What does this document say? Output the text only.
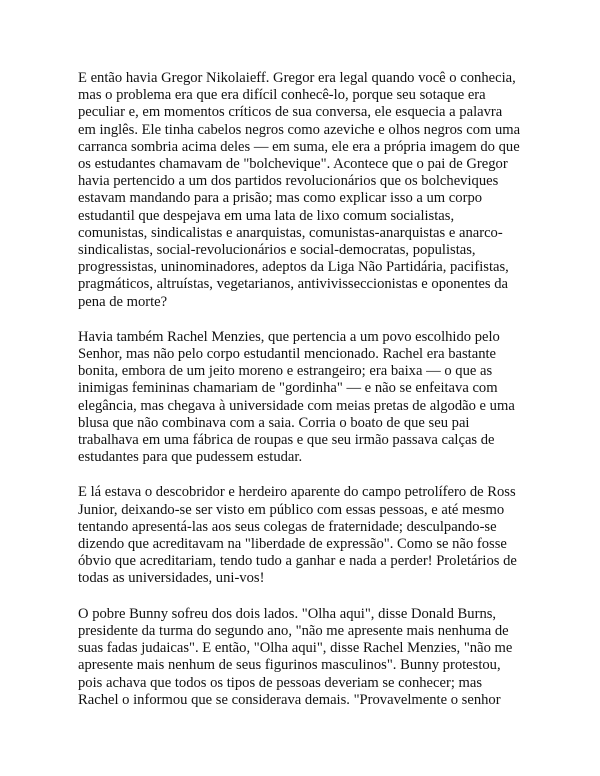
E então havia Gregor Nikolaieff. Gregor era legal quando você o conhecia,
mas o problema era que era difícil conhecê-lo, porque seu sotaque era
peculiar e, em momentos críticos de sua conversa, ele esquecia a palavra
em inglês. Ele tinha cabelos negros como azeviche e olhos negros com uma
carranca sombria acima deles — em suma, ele era a própria imagem do que
os estudantes chamavam de "bolchevique". Acontece que o pai de Gregor
havia pertencido a um dos partidos revolucionários que os bolcheviques
estavam mandando para a prisão; mas como explicar isso a um corpo
estudantil que despejava em uma lata de lixo comum socialistas,
comunistas, sindicalistas e anarquistas, comunistas-anarquistas e anarco-
sindicalistas, social-revolucionários e social-democratas, populistas,
progressistas, uninominadores, adeptos da Liga Não Partidária, pacifistas,
pragmáticos, altruístas, vegetarianos, antivivisseccionistas e oponentes da
pena de morte?

Havia também Rachel Menzies, que pertencia a um povo escolhido pelo
Senhor, mas não pelo corpo estudantil mencionado. Rachel era bastante
bonita, embora de um jeito moreno e estrangeiro; era baixa — o que as
inimigas femininas chamariam de "gordinha" — e não se enfeitava com
elegância, mas chegava à universidade com meias pretas de algodão e uma
blusa que não combinava com a saia. Corria o boato de que seu pai
trabalhava em uma fábrica de roupas e que seu irmão passava calças de
estudantes para que pudessem estudar.

E lá estava o descobridor e herdeiro aparente do campo petrolífero de Ross
Junior, deixando-se ser visto em público com essas pessoas, e até mesmo
tentando apresentá-las aos seus colegas de fraternidade; desculpando-se
dizendo que acreditavam na "liberdade de expressão". Como se não fosse
óbvio que acreditariam, tendo tudo a ganhar e nada a perder! Proletários de
todas as universidades, uni-vos!

O pobre Bunny sofreu dos dois lados. "Olha aqui", disse Donald Burns,
presidente da turma do segundo ano, "não me apresente mais nenhuma de
suas fadas judaicas". E então, "Olha aqui", disse Rachel Menzies, "não me
apresente mais nenhum de seus figurinos masculinos". Bunny protestou,
pois achava que todos os tipos de pessoas deveriam se conhecer; mas
Rachel o informou que se considerava demais. "Provavelmente o senhor
